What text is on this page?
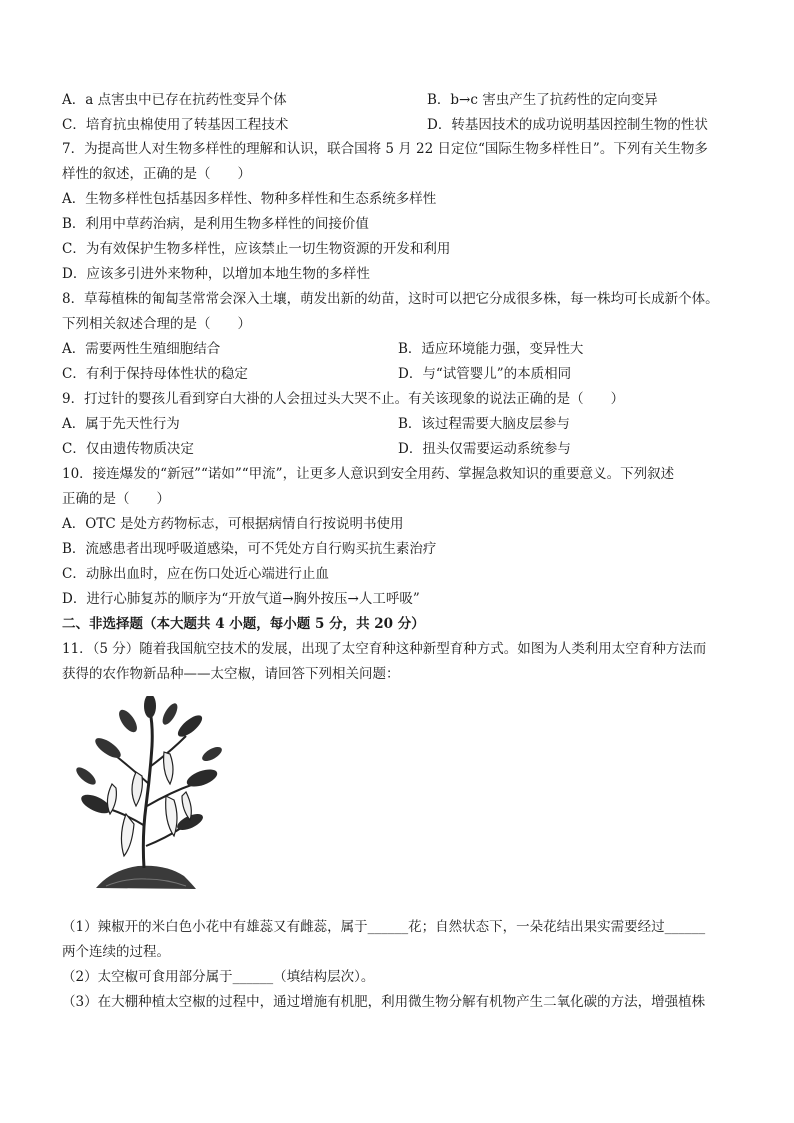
A．a 点害虫中已存在抗药性变异个体	B．b→c 害虫产生了抗药性的定向变异
C．培育抗虫棉使用了转基因工程技术	D．转基因技术的成功说明基因控制生物的性状
7．为提高世人对生物多样性的理解和认识，联合国将 5 月 22 日定位“国际生物多样性日”。下列有关生物多
样性的叙述，正确的是（　　）
A．生物多样性包括基因多样性、物种多样性和生态系统多样性
B．利用中草药治病，是利用生物多样性的间接价值
C．为有效保护生物多样性，应该禁止一切生物资源的开发和利用
D．应该多引进外来物种，以增加本地生物的多样性
8．草莓植株的匍匐茎常常会深入土壤，萌发出新的幼苗，这时可以把它分成很多株，每一株均可长成新个体。
下列相关叙述合理的是（　　）
A．需要两性生殖细胞结合	B．适应环境能力强，变异性大
C．有利于保持母体性状的稳定	D．与“试管婴儿”的本质相同
9．打过针的婴孩儿看到穿白大褂的人会扭过头大哭不止。有关该现象的说法正确的是（　　）
A．属于先天性行为	B．该过程需要大脑皮层参与
C．仅由遗传物质决定	D．扭头仅需要运动系统参与
10．接连爆发的“新冠”“诺如”“甲流”，让更多人意识到安全用药、掌握急救知识的重要意义。下列叙述
正确的是（　　）
A．OTC 是处方药物标志，可根据病情自行按说明书使用
B．流感患者出现呼吸道感染，可不凭处方自行购买抗生素治疗
C．动脉出血时，应在伤口处近心端进行止血
D．进行心肺复苏的顺序为“开放气道→胸外按压→人工呼吸”
二、非选择题（本大题共 4 小题，每小题 5 分，共 20 分）
11．（5 分）随着我国航空技术的发展，出现了太空育种这种新型育种方式。如图为人类利用太空育种方法而
获得的农作物新品种——太空椒，请回答下列相关问题：
（1）辣椒开的米白色小花中有雄蕊又有雌蕊，属于______花；自然状态下，一朵花结出果实需要经过______
两个连续的过程。
（2）太空椒可食用部分属于______（填结构层次）。
（3）在大棚种植太空椒的过程中，通过增施有机肥，利用微生物分解有机物产生二氧化碳的方法，增强植株
